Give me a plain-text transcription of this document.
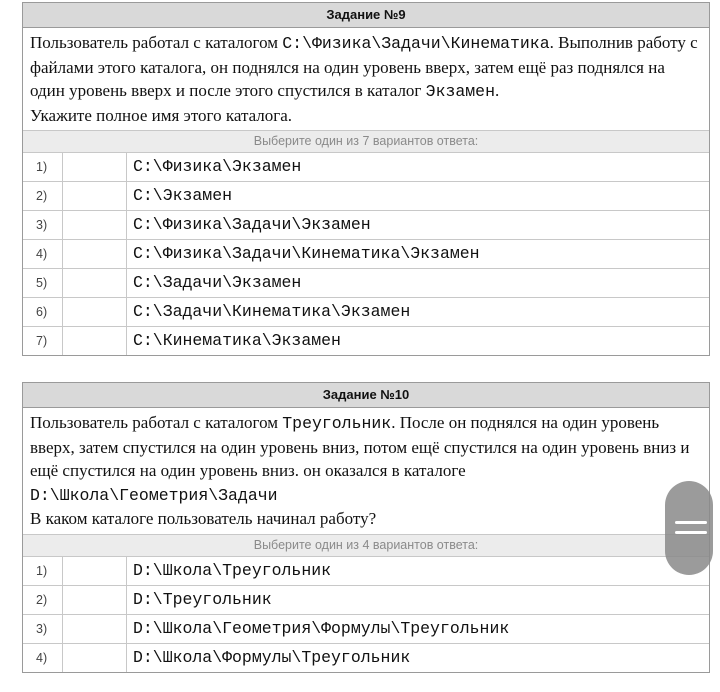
Задание №9
Пользователь работал с каталогом C:\Физика\Задачи\Кинематика. Выполнив работу с файлами этого каталога, он поднялся на один уровень вверх, затем ещё раз поднялся на один уровень вверх и после этого спустился в каталог Экзамен.
Укажите полное имя этого каталога.
Выберите один из 7 вариантов ответа:
1)	C:\Физика\Экзамен
2)	C:\Экзамен
3)	C:\Физика\Задачи\Экзамен
4)	C:\Физика\Задачи\Кинематика\Экзамен
5)	C:\Задачи\Экзамен
6)	C:\Задачи\Кинематика\Экзамен
7)	C:\Кинематика\Экзамен
Задание №10
Пользователь работал с каталогом Треугольник. После он поднялся на один уровень вверх, затем спустился на один уровень вниз, потом ещё спустился на один уровень вниз и ещё спустился на один уровень вниз. он оказался в каталоге
D:\Школа\Геометрия\Задачи
В каком каталоге пользователь начинал работу?
Выберите один из 4 вариантов ответа:
1)	D:\Школа\Треугольник
2)	D:\Треугольник
3)	D:\Школа\Геометрия\Формулы\Треугольник
4)	D:\Школа\Формулы\Треугольник
